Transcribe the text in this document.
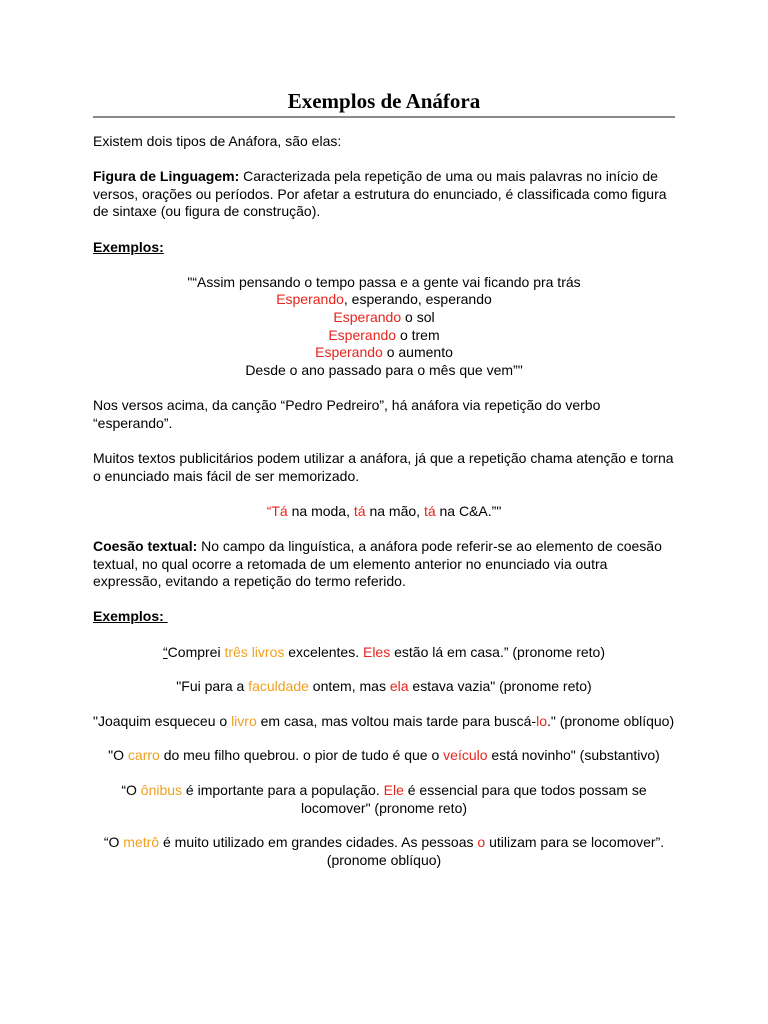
Exemplos de Anáfora

Existem dois tipos de Anáfora, são elas:

Figura de Linguagem: Caracterizada pela repetição de uma ou mais palavras no início de versos, orações ou períodos. Por afetar a estrutura do enunciado, é classificada como figura de sintaxe (ou figura de construção).

Exemplos:

"“Assim pensando o tempo passa e a gente vai ficando pra trás
Esperando, esperando, esperando
Esperando o sol
Esperando o trem
Esperando o aumento
Desde o ano passado para o mês que vem”"

Nos versos acima, da canção “Pedro Pedreiro”, há anáfora via repetição do verbo “esperando”.

Muitos textos publicitários podem utilizar a anáfora, já que a repetição chama atenção e torna o enunciado mais fácil de ser memorizado.

“Tá na moda, tá na mão, tá na C&A.”"

Coesão textual: No campo da linguística, a anáfora pode referir-se ao elemento de coesão textual, no qual ocorre a retomada de um elemento anterior no enunciado via outra expressão, evitando a repetição do termo referido.

Exemplos:

“Comprei três livros excelentes. Eles estão lá em casa.” (pronome reto)

"Fui para a faculdade ontem, mas ela estava vazia" (pronome reto)

"Joaquim esqueceu o livro em casa, mas voltou mais tarde para buscá-lo." (pronome oblíquo)

"O carro do meu filho quebrou. o pior de tudo é que o veículo está novinho" (substantivo)

“O ônibus é importante para a população. Ele é essencial para que todos possam se locomover" (pronome reto)

“O metrô é muito utilizado em grandes cidades. As pessoas o utilizam para se locomover”. (pronome oblíquo)
